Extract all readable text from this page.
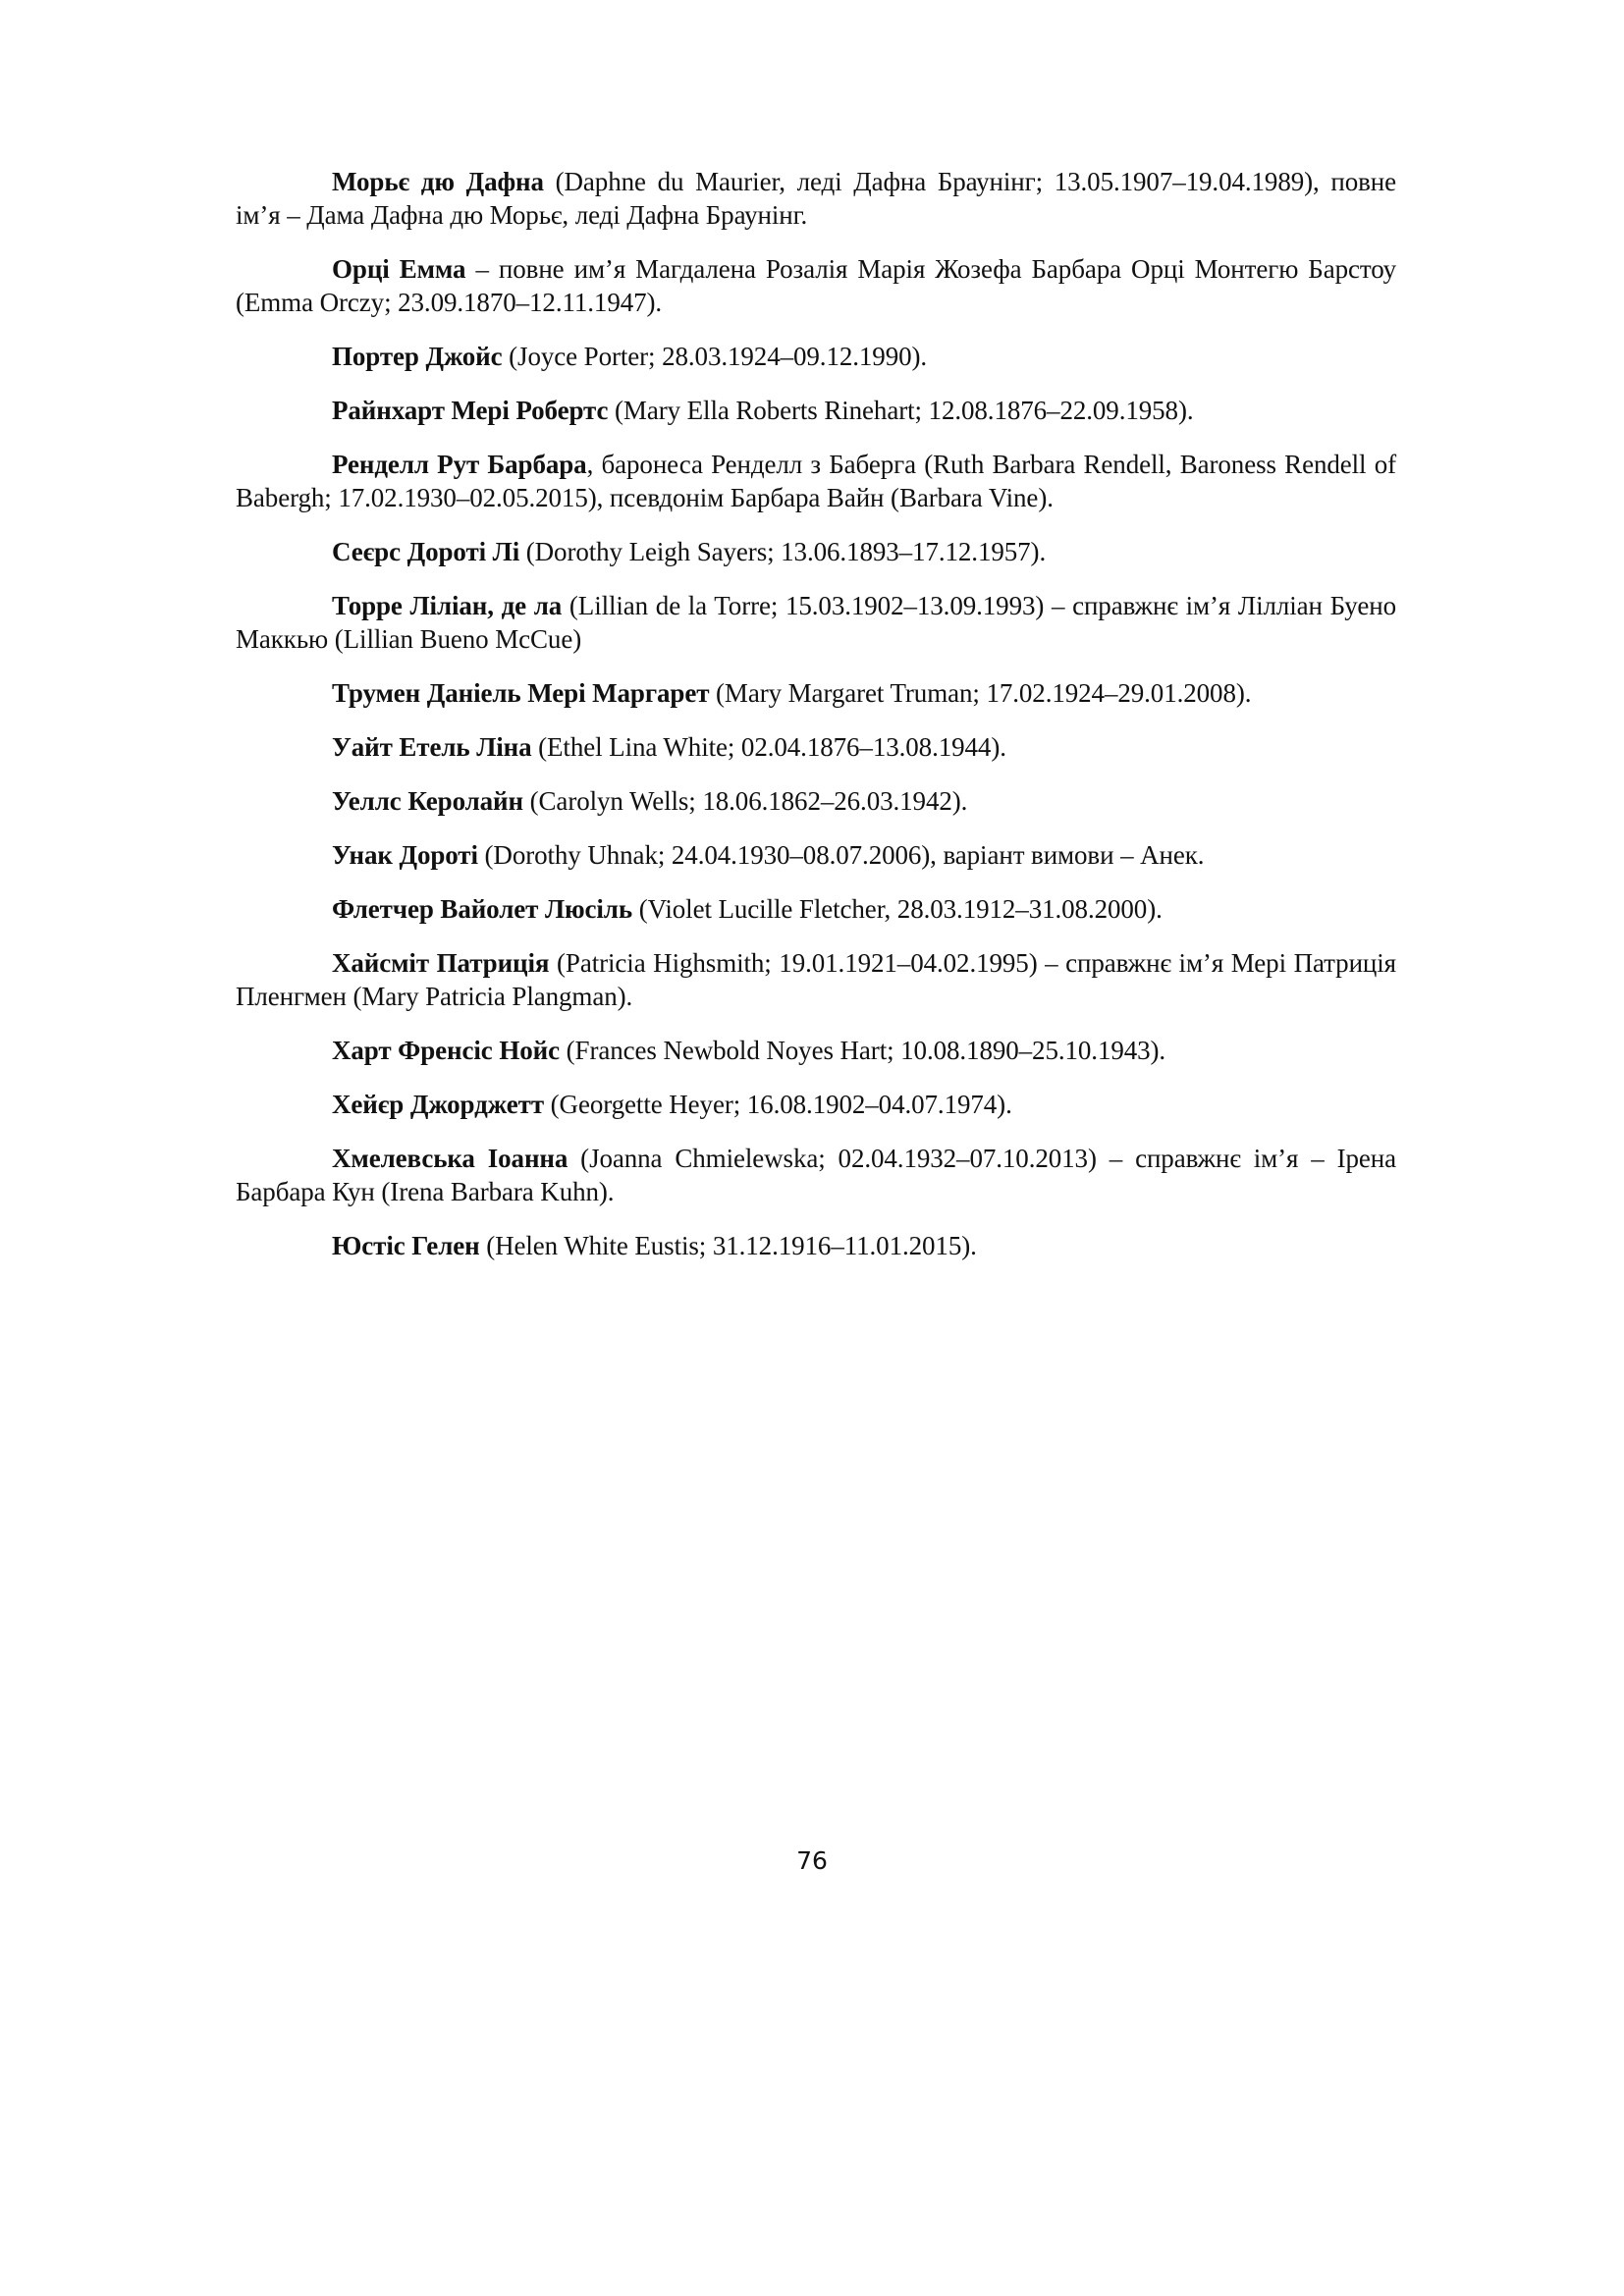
Морьє дю Дафна (Daphne du Maurier, леді Дафна Браунінг; 13.05.1907–19.04.1989), повне ім’я – Дама Дафна дю Морьє, леді Дафна Браунінг.

Орці Емма – повне им’я Магдалена Розалія Марія Жозефа Барбара Орці Монтегю Барстоу (Emma Orczy; 23.09.1870–12.11.1947).

Портер Джойс (Joyce Porter; 28.03.1924–09.12.1990).

Райнхарт Мері Робертс (Mary Ella Roberts Rinehart; 12.08.1876–22.09.1958).

Ренделл Рут Барбара, баронеса Ренделл з Баберга (Ruth Barbara Rendell, Baroness Rendell of Babergh; 17.02.1930–02.05.2015), псевдонім Барбара Вайн (Barbara Vine).

Сеєрс Дороті Лі (Dorothy Leigh Sayers; 13.06.1893–17.12.1957).

Торре Ліліан, де ла (Lillian de la Torre; 15.03.1902–13.09.1993) – справжнє ім’я Лілліан Буено Маккью (Lillian Bueno McCue)

Трумен Даніель Мері Маргарет (Mary Margaret Truman; 17.02.1924–29.01.2008).

Уайт Етель Ліна (Ethel Lina White; 02.04.1876–13.08.1944).

Уеллс Керолайн (Carolyn Wells; 18.06.1862–26.03.1942).

Унак Дороті (Dorothy Uhnak; 24.04.1930–08.07.2006), варіант вимови – Анек.

Флетчер Вайолет Люсіль (Violet Lucille Fletcher, 28.03.1912–31.08.2000).

Хайсміт Патриція (Patricia Highsmith; 19.01.1921–04.02.1995) – справжнє ім’я Мері Патриція Пленгмен (Mary Patricia Plangman).

Харт Френсіс Нойс (Frances Newbold Noyes Hart; 10.08.1890–25.10.1943).

Хейєр Джорджетт (Georgette Heyer; 16.08.1902–04.07.1974).

Хмелевська Іоанна (Joanna Chmielewska; 02.04.1932–07.10.2013) – справжнє ім’я – Ірена Барбара Кун (Irena Barbara Kuhn).

Юстіс Гелен (Helen White Eustis; 31.12.1916–11.01.2015).

76
